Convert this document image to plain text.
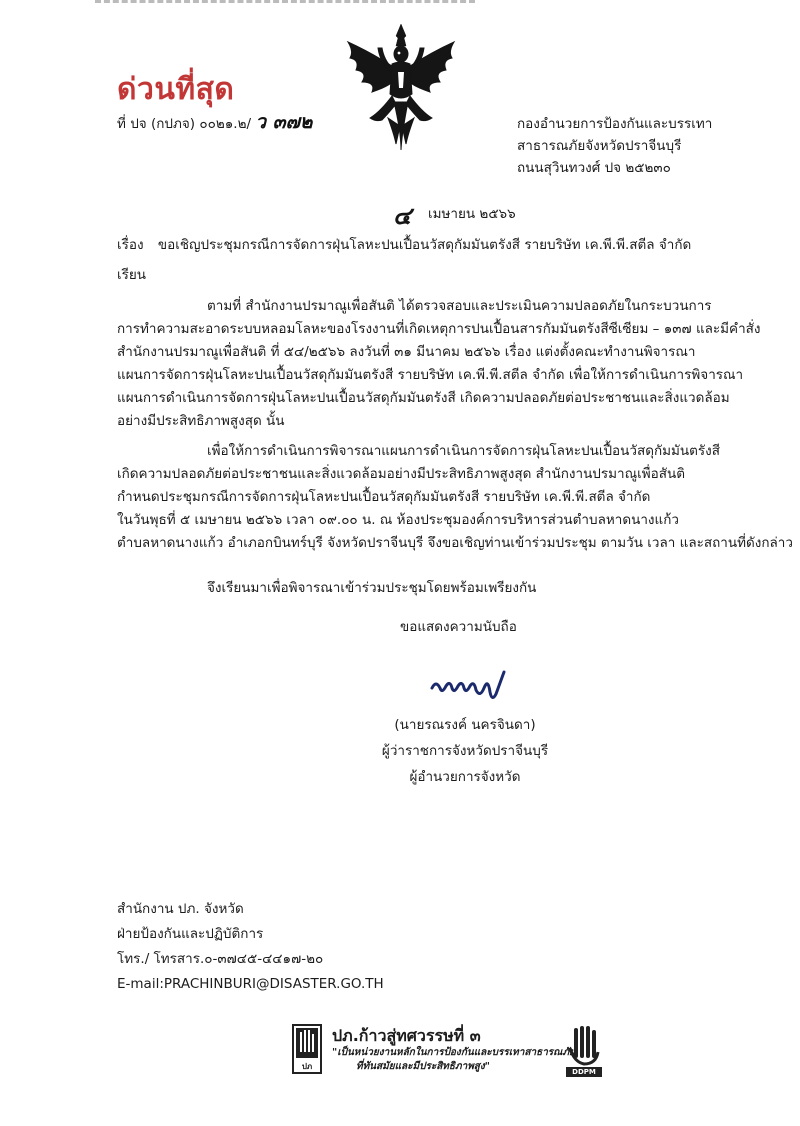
ด่วนที่สุด
ที่ ปจ (กปภจ) ๐๐๒๑.๒/ ว ๓๗๒	กองอำนวยการป้องกันและบรรเทา
สาธารณภัยจังหวัดปราจีนบุรี
ถนนสุวินทวงศ์ ปจ ๒๕๒๓๐
๔ เมษายน ๒๕๖๖
เรื่อง ขอเชิญประชุมกรณีการจัดการฝุ่นโลหะปนเปื้อนวัสดุกัมมันตรังสี รายบริษัท เค.พี.พี.สตีล จำกัด
เรียน
ตามที่ สำนักงานปรมาณูเพื่อสันติ ได้ตรวจสอบและประเมินความปลอดภัยในกระบวนการ
การทำความสะอาดระบบหลอมโลหะของโรงงานที่เกิดเหตุการปนเปื้อนสารกัมมันตรังสีซีเซียม – ๑๓๗ และมีคำสั่ง
สำนักงานปรมาณูเพื่อสันติ ที่ ๕๔/๒๕๖๖ ลงวันที่ ๓๑ มีนาคม ๒๕๖๖ เรื่อง แต่งตั้งคณะทำงานพิจารณา
แผนการจัดการฝุ่นโลหะปนเปื้อนวัสดุกัมมันตรังสี รายบริษัท เค.พี.พี.สตีล จำกัด เพื่อให้การดำเนินการพิจารณา
แผนการดำเนินการจัดการฝุ่นโลหะปนเปื้อนวัสดุกัมมันตรังสี เกิดความปลอดภัยต่อประชาชนและสิ่งแวดล้อม
อย่างมีประสิทธิภาพสูงสุด นั้น
เพื่อให้การดำเนินการพิจารณาแผนการดำเนินการจัดการฝุ่นโลหะปนเปื้อนวัสดุกัมมันตรังสี
เกิดความปลอดภัยต่อประชาชนและสิ่งแวดล้อมอย่างมีประสิทธิภาพสูงสุด สำนักงานปรมาณูเพื่อสันติ
กำหนดประชุมกรณีการจัดการฝุ่นโลหะปนเปื้อนวัสดุกัมมันตรังสี รายบริษัท เค.พี.พี.สตีล จำกัด
ในวันพุธที่ ๕ เมษายน ๒๕๖๖ เวลา ๐๙.๐๐ น. ณ ห้องประชุมองค์การบริหารส่วนตำบลหาดนางแก้ว
ตำบลหาดนางแก้ว อำเภอกบินทร์บุรี จังหวัดปราจีนบุรี จึงขอเชิญท่านเข้าร่วมประชุม ตามวัน เวลา และสถานที่ดังกล่าว
จึงเรียนมาเพื่อพิจารณาเข้าร่วมประชุมโดยพร้อมเพรียงกัน
ขอแสดงความนับถือ
(นายรณรงค์ นครจินดา)
ผู้ว่าราชการจังหวัดปราจีนบุรี
ผู้อำนวยการจังหวัด
สำนักงาน ปภ. จังหวัด
ฝ่ายป้องกันและปฏิบัติการ
โทร./ โทรสาร.๐-๓๗๔๕-๔๔๑๗-๒๐
E-mail:PRACHINBURI@DISASTER.GO.TH
ปภ
ปภ.ก้าวสู่ทศวรรษที่ ๓
"เป็นหน่วยงานหลักในการป้องกันและบรรเทาสาธารณภัย
ที่ทันสมัยและมีประสิทธิภาพสูง"	DDPM
